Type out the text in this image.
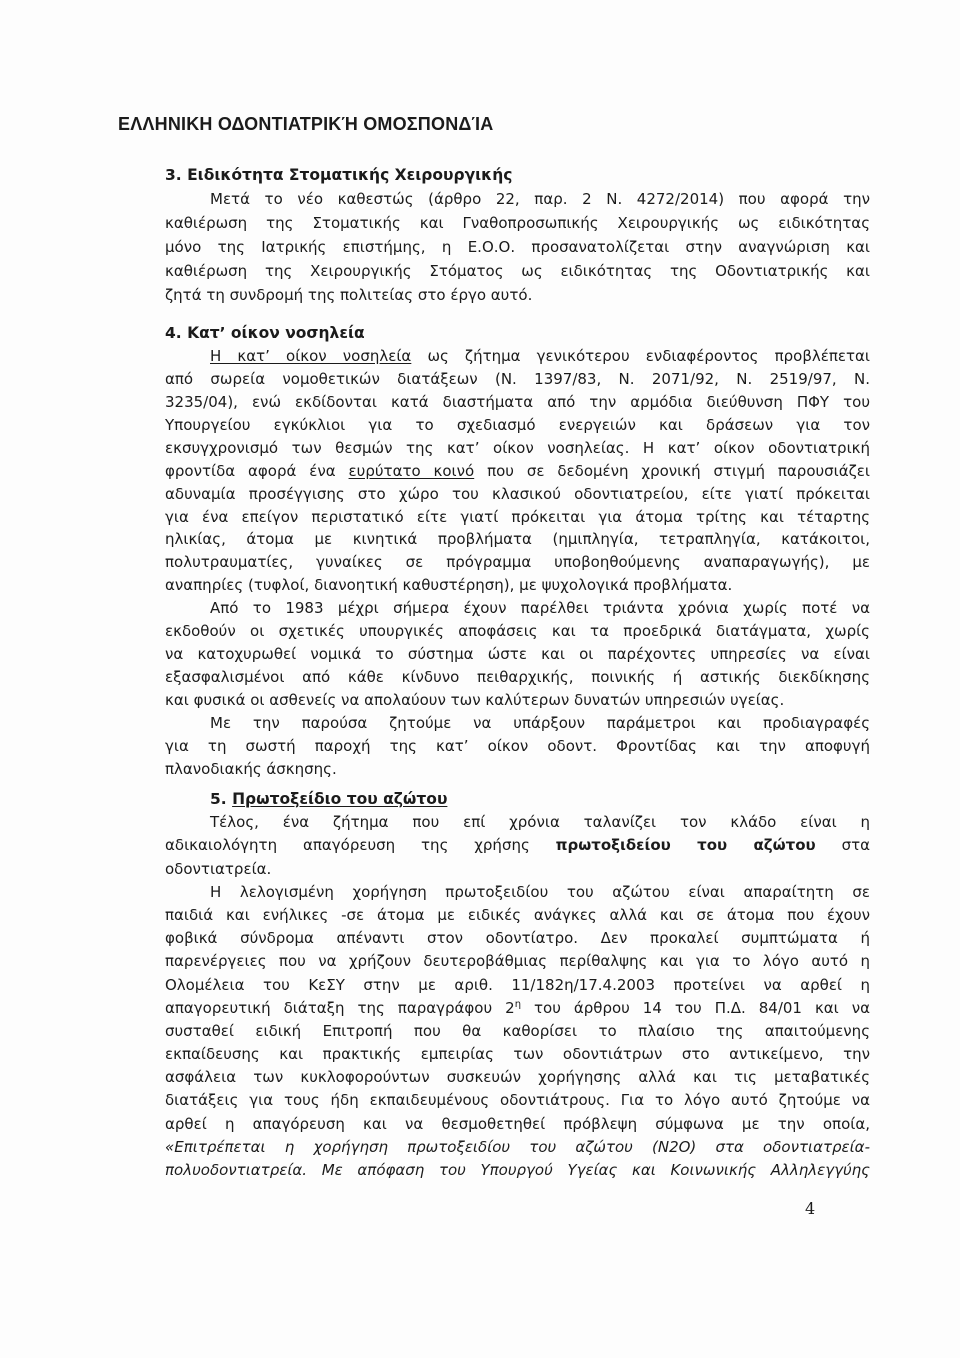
ΕΛΛΗΝΙΚΗ ΟΔΟΝΤΙΑΤΡΙΚΉ ΟΜΟΣΠΟΝΔΊΑ
3. Ειδικότητα Στοματικής Χειρουργικής
Μετά το νέο καθεστώς (άρθρο 22, παρ. 2 Ν. 4272/2014) που αφορά την
καθιέρωση της Στοματικής και Γναθοπροσωπικής Χειρουργικής ως ειδικότητας
μόνο της Ιατρικής επιστήμης, η Ε.Ο.Ο. προσανατολίζεται στην αναγνώριση και
καθιέρωση της Χειρουργικής Στόματος ως ειδικότητας της Οδοντιατρικής και
ζητά τη συνδρομή της πολιτείας στο έργο αυτό.
4. Κατ’ οίκον νοσηλεία
Η κατ’ οίκον νοσηλεία ως ζήτημα γενικότερου ενδιαφέροντος προβλέπεται
από σωρεία νομοθετικών διατάξεων (Ν. 1397/83, Ν. 2071/92, Ν. 2519/97, Ν.
3235/04), ενώ εκδίδονται κατά διαστήματα από την αρμόδια διεύθυνση ΠΦΥ του
Υπουργείου εγκύκλιοι για το σχεδιασμό ενεργειών και δράσεων για τον
εκσυγχρονισμό των θεσμών της κατ’ οίκον νοσηλείας. Η κατ’ οίκον οδοντιατρική
φροντίδα αφορά ένα ευρύτατο κοινό που σε δεδομένη χρονική στιγμή παρουσιάζει
αδυναμία προσέγγισης στο χώρο του κλασικού οδοντιατρείου, είτε γιατί πρόκειται
για ένα επείγον περιστατικό είτε γιατί πρόκειται για άτομα τρίτης και τέταρτης
ηλικίας, άτομα με κινητικά προβλήματα (ημιπληγία, τετραπληγία, κατάκοιτοι,
πολυτραυματίες, γυναίκες σε πρόγραμμα υποβοηθούμενης αναπαραγωγής), με
αναπηρίες (τυφλοί, διανοητική καθυστέρηση), με ψυχολογικά προβλήματα.
Από το 1983 μέχρι σήμερα έχουν παρέλθει τριάντα χρόνια χωρίς ποτέ να
εκδοθούν οι σχετικές υπουργικές αποφάσεις και τα προεδρικά διατάγματα, χωρίς
να κατοχυρωθεί νομικά το σύστημα ώστε και οι παρέχοντες υπηρεσίες να είναι
εξασφαλισμένοι από κάθε κίνδυνο πειθαρχικής, ποινικής ή αστικής διεκδίκησης
και φυσικά οι ασθενείς να απολαύουν των καλύτερων δυνατών υπηρεσιών υγείας.
Με την παρούσα ζητούμε να υπάρξουν παράμετροι και προδιαγραφές
για τη σωστή παροχή της κατ’ οίκον οδοντ. Φροντίδας και την αποφυγή
πλανοδιακής άσκησης.
5. Πρωτοξείδιο του αζώτου
Τέλος, ένα ζήτημα που επί χρόνια ταλανίζει τον κλάδο είναι η
αδικαιολόγητη απαγόρευση της χρήσης πρωτοξιδείου του αζώτου στα
οδοντιατρεία.
Η λελογισμένη χορήγηση πρωτοξειδίου του αζώτου είναι απαραίτητη σε
παιδιά και ενήλικες -σε άτομα με ειδικές ανάγκες αλλά και σε άτομα που έχουν
φοβικά σύνδρομα απέναντι στον οδοντίατρο. Δεν προκαλεί συμπτώματα ή
παρενέργειες που να χρήζουν δευτεροβάθμιας περίθαλψης και για το λόγο αυτό η
Ολομέλεια του ΚεΣΥ στην με αριθ. 11/182η/17.4.2003 προτείνει να αρθεί η
απαγορευτική διάταξη της παραγράφου $2^\eta$ του άρθρου 14 του Π.Δ. 84/01 και να
συσταθεί ειδική Επιτροπή που θα καθορίσει το πλαίσιο της απαιτούμενης
εκπαίδευσης και πρακτικής εμπειρίας των οδοντιάτρων στο αντικείμενο, την
ασφάλεια των κυκλοφορούντων συσκευών χορήγησης αλλά και τις μεταβατικές
διατάξεις για τους ήδη εκπαιδευμένους οδοντιάτρους. Για το λόγο αυτό ζητούμε να
αρθεί η απαγόρευση και να θεσμοθετηθεί πρόβλεψη σύμφωνα με την οποία,
«Επιτρέπεται η χορήγηση πρωτοξειδίου του αζώτου (Ν2Ο) στα οδοντιατρεία-
πολυοδοντιατρεία. Με απόφαση του Υπουργού Υγείας και Κοινωνικής Αλληλεγγύης
4
